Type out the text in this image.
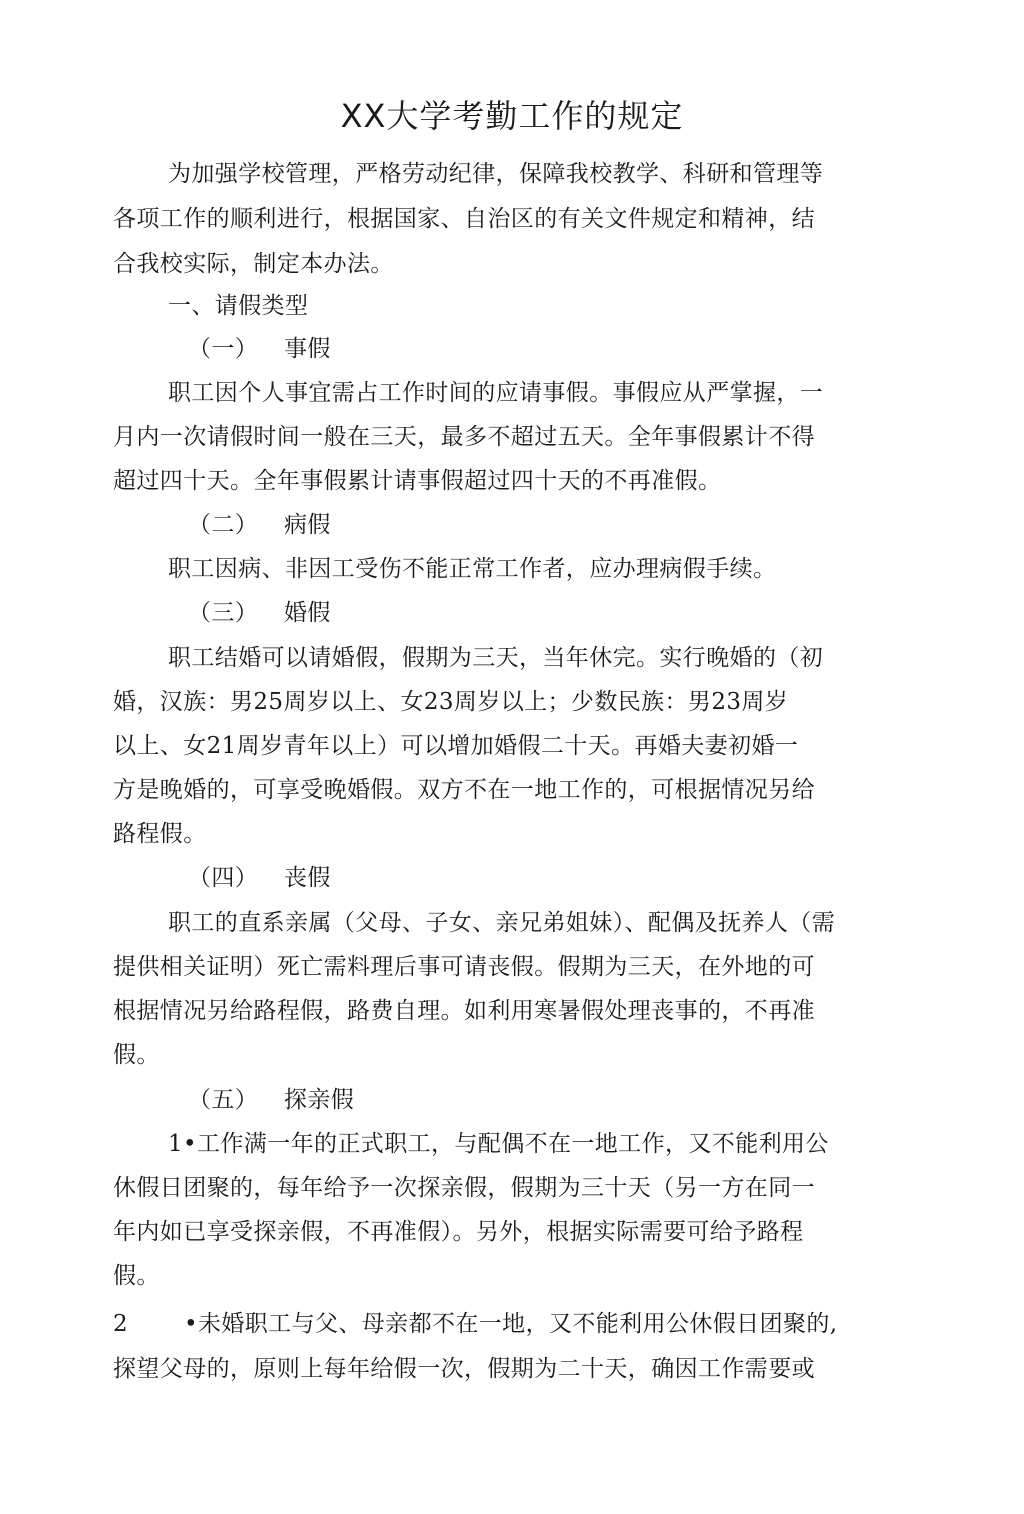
XX大学考勤工作的规定
为加强学校管理，严格劳动纪律，保障我校教学、科研和管理等
各项工作的顺利进行，根据国家、自治区的有关文件规定和精神，结
合我校实际，制定本办法。
一、请假类型
（一） 事假
职工因个人事宜需占工作时间的应请事假。事假应从严掌握，一
月内一次请假时间一般在三天，最多不超过五天。全年事假累计不得
超过四十天。全年事假累计请事假超过四十天的不再准假。
（二） 病假
职工因病、非因工受伤不能正常工作者，应办理病假手续。
（三） 婚假
职工结婚可以请婚假，假期为三天，当年休完。实行晚婚的（初
婚，汉族：男25周岁以上、女23周岁以上；少数民族：男23周岁
以上、女21周岁青年以上）可以增加婚假二十天。再婚夫妻初婚一
方是晚婚的，可享受晚婚假。双方不在一地工作的，可根据情况另给
路程假。
（四） 丧假
职工的直系亲属（父母、子女、亲兄弟姐妹）、配偶及抚养人（需
提供相关证明）死亡需料理后事可请丧假。假期为三天，在外地的可
根据情况另给路程假，路费自理。如利用寒暑假处理丧事的，不再准
假。
（五） 探亲假
1•工作满一年的正式职工，与配偶不在一地工作，又不能利用公
休假日团聚的，每年给予一次探亲假，假期为三十天（另一方在同一
年内如已享受探亲假，不再准假）。另外，根据实际需要可给予路程
假。
2 •未婚职工与父、母亲都不在一地，又不能利用公休假日团聚的,
探望父母的，原则上每年给假一次，假期为二十天，确因工作需要或
